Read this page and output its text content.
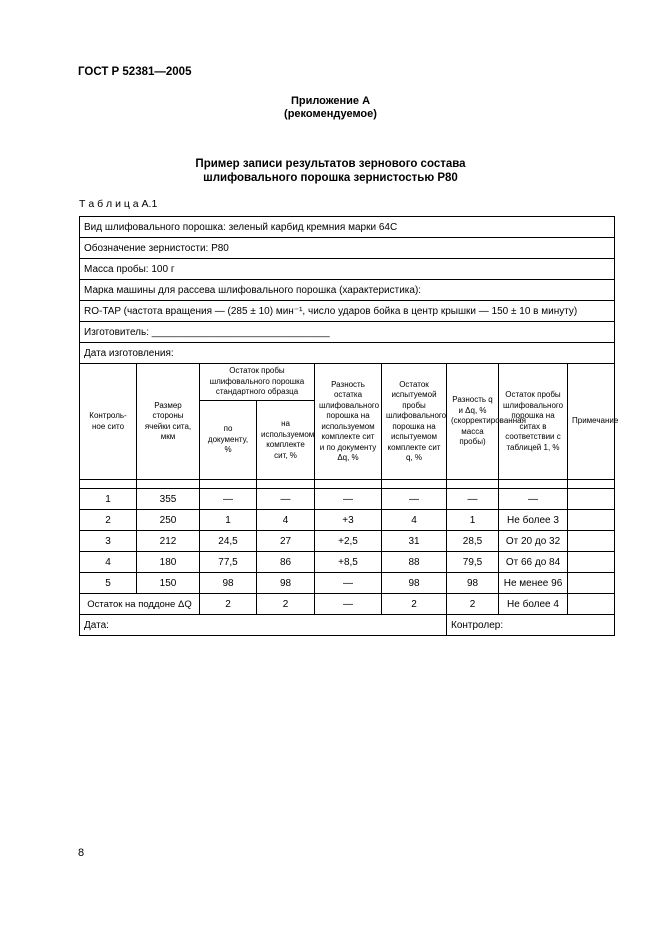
ГОСТ Р 52381—2005
Приложение А
(рекомендуемое)
Пример записи результатов зернового состава
шлифовального порошка зернистостью Р80
Т а б л и ц а А.1
Вид шлифовального порошка: зеленый карбид кремния марки 64С								
Обозначение зернистости: Р80								
Масса пробы: 100 г								
Марка машины для рассева шлифовального порошка (характеристика):								
RO-TAP (частота вращения — (285 ± 10) мин⁻¹, число ударов бойка в центр крышки — 150 ± 10 в минуту)								
Изготовитель: ________________________________								
Дата изготовления:								
Контроль-ное сито	Размер стороны ячейки сита, мкм	Остаток пробы шлифовального порошка стандартного образца		Разность остатка шлифовального порошка на используемом комплекте сит и по документу Δq, %	Остаток испытуемой пробы шлифовального порошка на испытуемом комплекте сит q, %	Разность q и Δq, % (скорректированная масса пробы)	Остаток пробы шлифовального порошка на ситах в соответствии с таблицей 1, %	Примечание
		по документу, %	на используемом комплекте сит, %					

1	355	—	—	—	—	—	—	
2	250	1	4	+3	4	1	Не более 3	
3	212	24,5	27	+2,5	31	28,5	От 20 до 32	
4	180	77,5	86	+8,5	88	79,5	От 66 до 84	
5	150	98	98	—	98	98	Не менее 96	
Остаток на поддоне ΔQ		2	2	—	2	2	Не более 4	
Дата:						Контролер:		
8
